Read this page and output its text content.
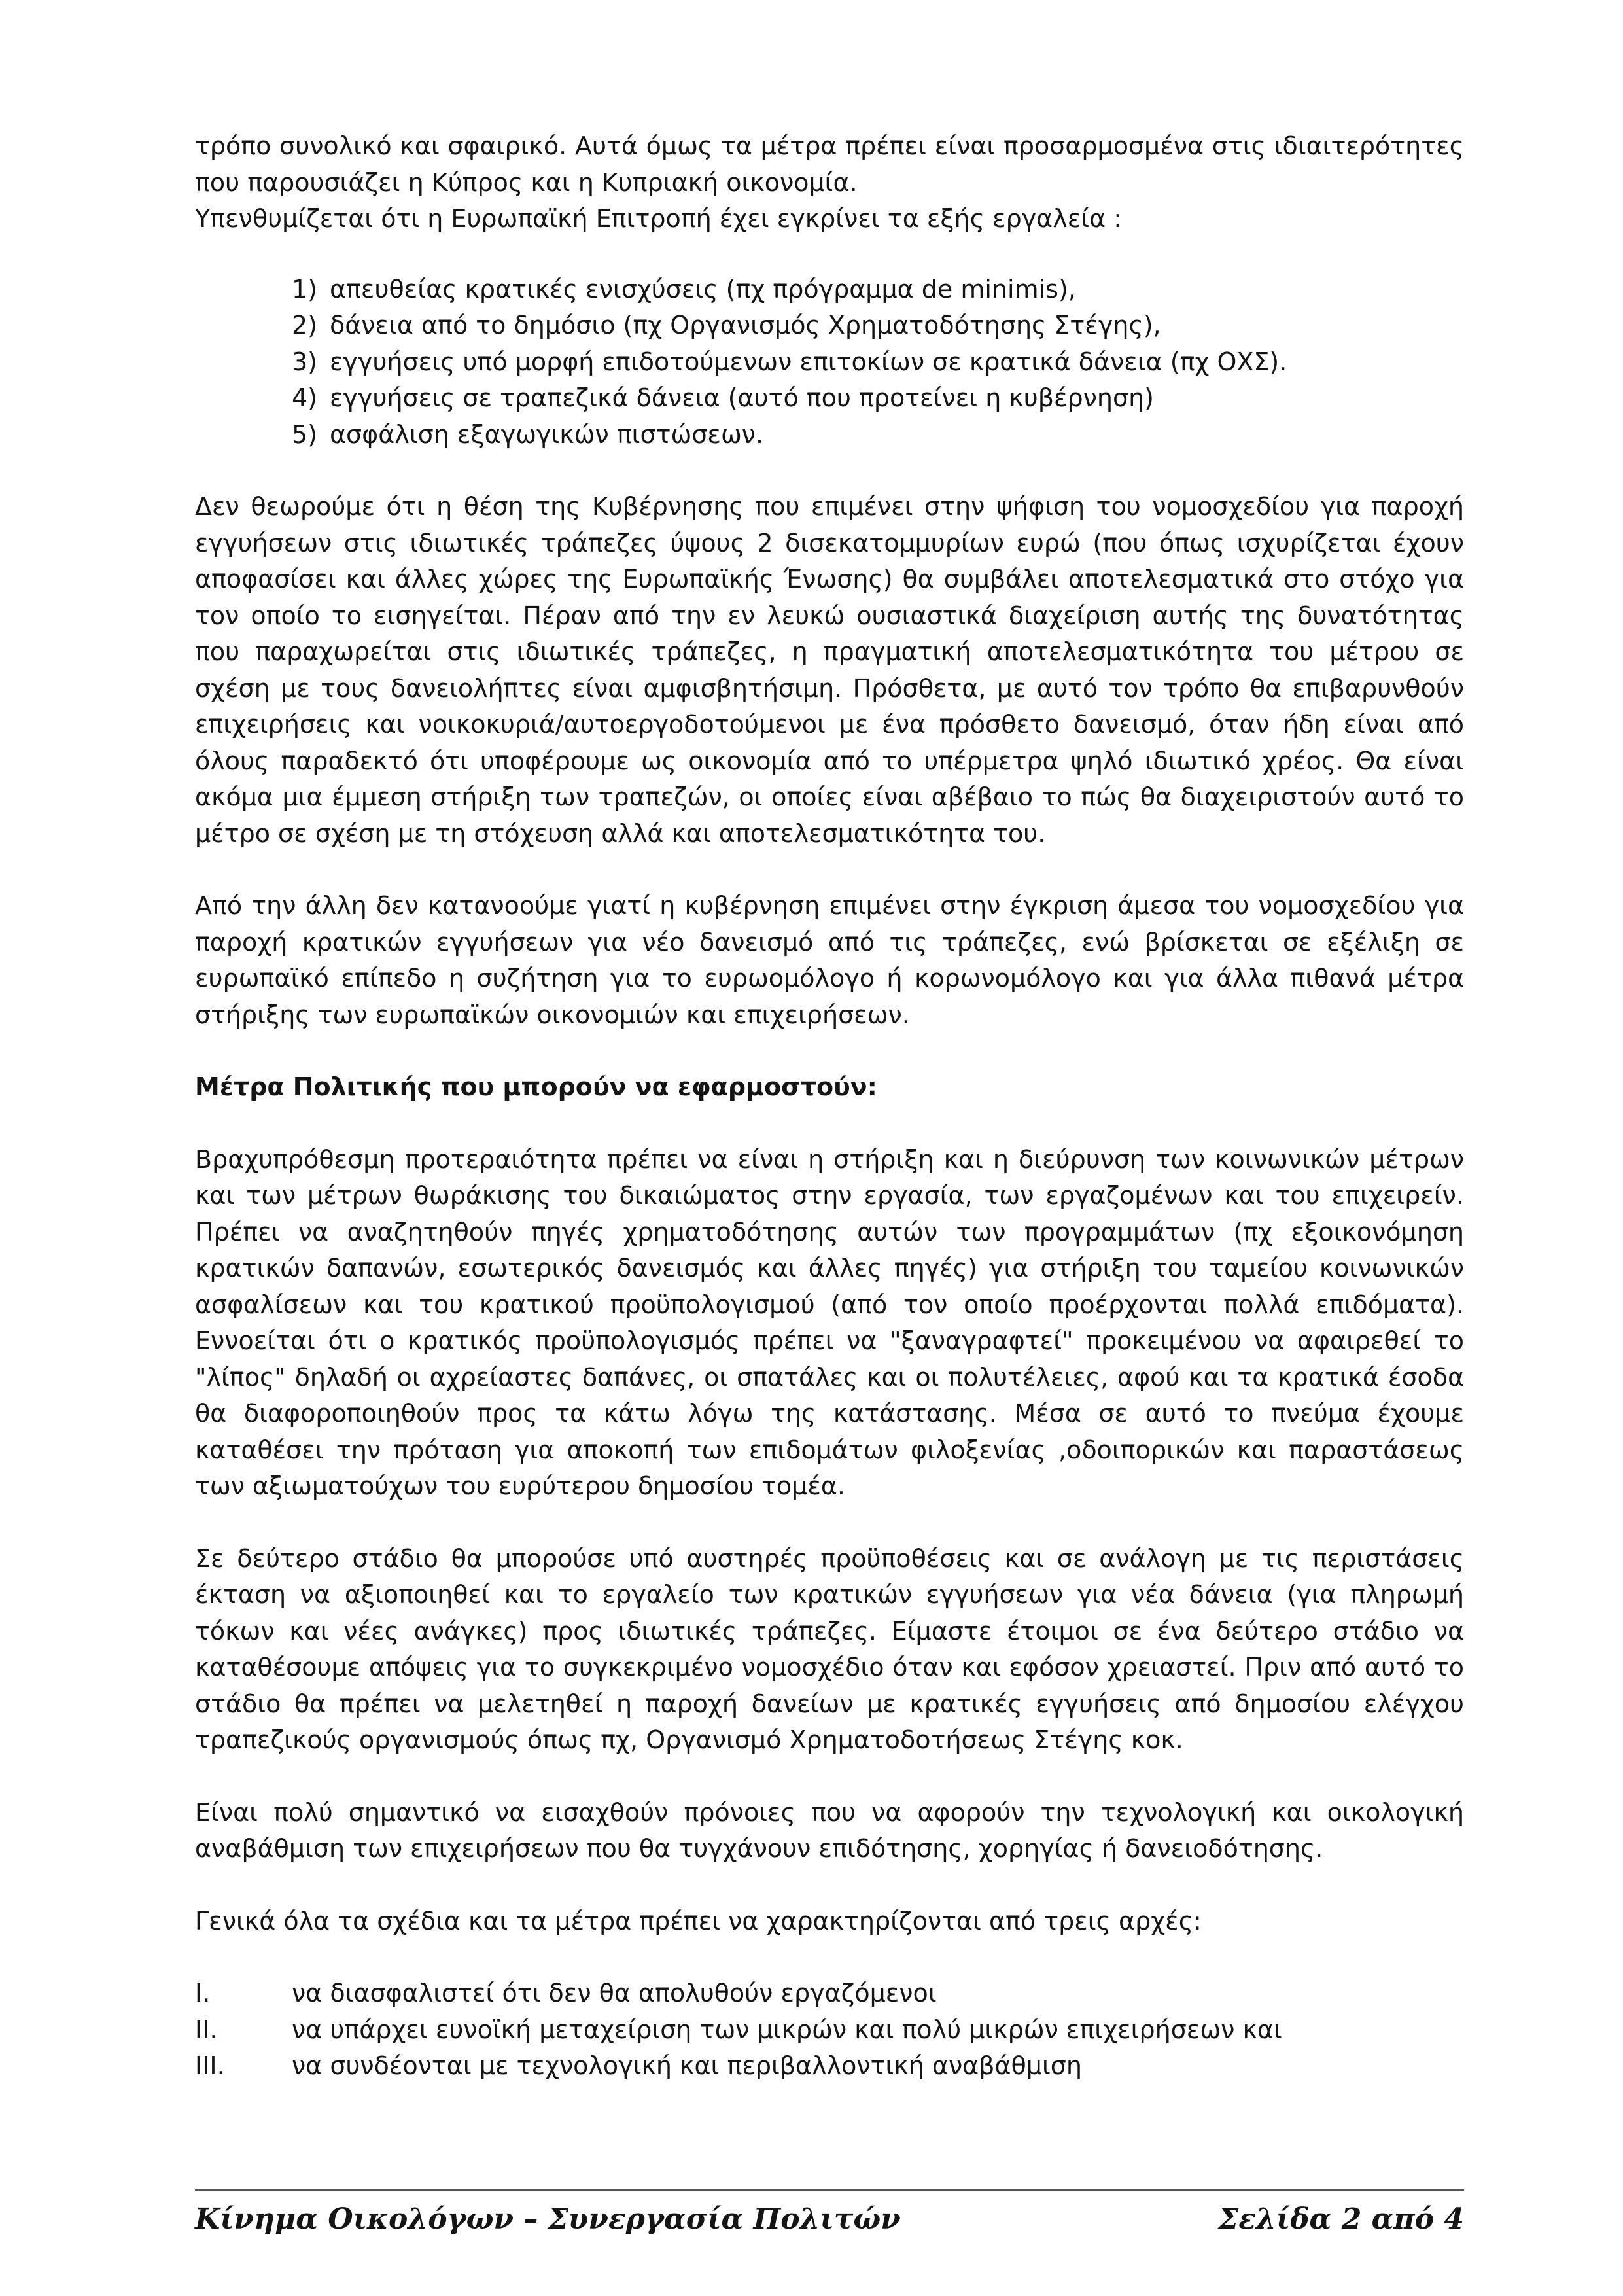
τρόπο συνολικό και σφαιρικό. Αυτά όμως τα μέτρα πρέπει είναι προσαρμοσμένα στις ιδιαιτερότητες που παρουσιάζει η Κύπρος και η Κυπριακή οικονομία.

Υπενθυμίζεται ότι η Ευρωπαϊκή Επιτροπή έχει εγκρίνει τα εξής εργαλεία :

1) απευθείας κρατικές ενισχύσεις (πχ πρόγραμμα de minimis),
2) δάνεια από το δημόσιο (πχ Οργανισμός Χρηματοδότησης Στέγης),
3) εγγυήσεις υπό μορφή επιδοτούμενων επιτοκίων σε κρατικά δάνεια (πχ ΟΧΣ).
4) εγγυήσεις σε τραπεζικά δάνεια (αυτό που προτείνει η κυβέρνηση)
5) ασφάλιση εξαγωγικών πιστώσεων.

Δεν θεωρούμε ότι η θέση της Κυβέρνησης που επιμένει στην ψήφιση του νομοσχεδίου για παροχή εγγυήσεων στις ιδιωτικές τράπεζες ύψους 2 δισεκατομμυρίων ευρώ (που όπως ισχυρίζεται έχουν αποφασίσει και άλλες χώρες της Ευρωπαϊκής Ένωσης) θα συμβάλει αποτελεσματικά στο στόχο για τον οποίο το εισηγείται. Πέραν από την εν λευκώ ουσιαστικά διαχείριση αυτής της δυνατότητας που παραχωρείται στις ιδιωτικές τράπεζες, η πραγματική αποτελεσματικότητα του μέτρου σε σχέση με τους δανειολήπτες είναι αμφισβητήσιμη. Πρόσθετα, με αυτό τον τρόπο θα επιβαρυνθούν επιχειρήσεις και νοικοκυριά/αυτοεργοδοτούμενοι με ένα πρόσθετο δανεισμό, όταν ήδη είναι από όλους παραδεκτό ότι υποφέρουμε ως οικονομία από το υπέρμετρα ψηλό ιδιωτικό χρέος. Θα είναι ακόμα μια έμμεση στήριξη των τραπεζών, οι οποίες είναι αβέβαιο το πώς θα διαχειριστούν αυτό το μέτρο σε σχέση με τη στόχευση αλλά και αποτελεσματικότητα του.

Από την άλλη δεν κατανοούμε γιατί η κυβέρνηση επιμένει στην έγκριση άμεσα του νομοσχεδίου για παροχή κρατικών εγγυήσεων για νέο δανεισμό από τις τράπεζες, ενώ βρίσκεται σε εξέλιξη σε ευρωπαϊκό επίπεδο η συζήτηση για το ευρωομόλογο ή κορωνομόλογο και για άλλα πιθανά μέτρα στήριξης των ευρωπαϊκών οικονομιών και επιχειρήσεων.

Μέτρα Πολιτικής που μπορούν να εφαρμοστούν:

Βραχυπρόθεσμη προτεραιότητα πρέπει να είναι η στήριξη και η διεύρυνση των κοινωνικών μέτρων και των μέτρων θωράκισης του δικαιώματος στην εργασία, των εργαζομένων και του επιχειρείν. Πρέπει να αναζητηθούν πηγές χρηματοδότησης αυτών των προγραμμάτων (πχ εξοικονόμηση κρατικών δαπανών, εσωτερικός δανεισμός και άλλες πηγές) για στήριξη του ταμείου κοινωνικών ασφαλίσεων και του κρατικού προϋπολογισμού (από τον οποίο προέρχονται πολλά επιδόματα). Εννοείται ότι ο κρατικός προϋπολογισμός πρέπει να "ξαναγραφτεί" προκειμένου να αφαιρεθεί το "λίπος" δηλαδή οι αχρείαστες δαπάνες, οι σπατάλες και οι πολυτέλειες, αφού και τα κρατικά έσοδα θα διαφοροποιηθούν προς τα κάτω λόγω της κατάστασης. Μέσα σε αυτό το πνεύμα έχουμε καταθέσει την πρόταση για αποκοπή των επιδομάτων φιλοξενίας ,οδοιπορικών και παραστάσεως των αξιωματούχων του ευρύτερου δημοσίου τομέα.

Σε δεύτερο στάδιο θα μπορούσε υπό αυστηρές προϋποθέσεις και σε ανάλογη με τις περιστάσεις έκταση να αξιοποιηθεί και το εργαλείο των κρατικών εγγυήσεων για νέα δάνεια (για πληρωμή τόκων και νέες ανάγκες) προς ιδιωτικές τράπεζες. Είμαστε έτοιμοι σε ένα δεύτερο στάδιο να καταθέσουμε απόψεις για το συγκεκριμένο νομοσχέδιο όταν και εφόσον χρειαστεί. Πριν από αυτό το στάδιο θα πρέπει να μελετηθεί η παροχή δανείων με κρατικές εγγυήσεις από δημοσίου ελέγχου τραπεζικούς οργανισμούς όπως πχ, Οργανισμό Χρηματοδοτήσεως Στέγης κοκ.

Είναι πολύ σημαντικό να εισαχθούν πρόνοιες που να αφορούν την τεχνολογική και οικολογική αναβάθμιση των επιχειρήσεων που θα τυγχάνουν επιδότησης, χορηγίας ή δανειοδότησης.

Γενικά όλα τα σχέδια και τα μέτρα πρέπει να χαρακτηρίζονται από τρεις αρχές:

I.	να διασφαλιστεί ότι δεν θα απολυθούν εργαζόμενοι
II.	να υπάρχει ευνοϊκή μεταχείριση των μικρών και πολύ μικρών επιχειρήσεων και
III.	να συνδέονται με τεχνολογική και περιβαλλοντική αναβάθμιση
Κίνημα Οικολόγων – Συνεργασία Πολιτών	Σελίδα 2 από 4
